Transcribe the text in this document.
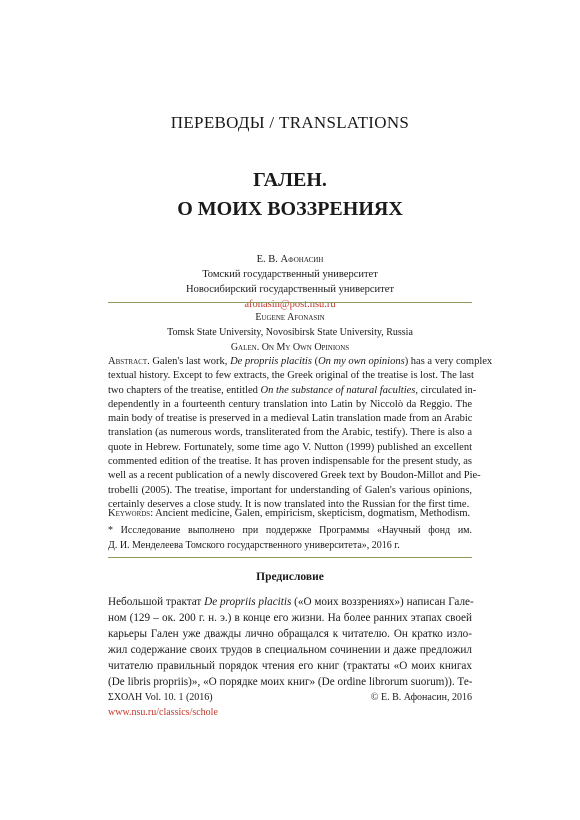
ПЕРЕВОДЫ / TRANSLATIONS
ГАЛЕН.
О МОИХ ВОЗЗРЕНИЯХ
Е. В. Афонасин
Томский государственный университет
Новосибирский государственный университет
afonasin@post.nsu.ru
Eugene Afonasin
Tomsk State University, Novosibirsk State University, Russia
Galen. On My Own Opinions
Abstract. Galen's last work, De propriis placitis (On my own opinions) has a very complex
textual history. Except to few extracts, the Greek original of the treatise is lost. The last
two chapters of the treatise, entitled On the substance of natural faculties, circulated in-
dependently in a fourteenth century translation into Latin by Niccolò da Reggio. The
main body of treatise is preserved in a medieval Latin translation made from an Arabic
translation (as numerous words, transliterated from the Arabic, testify). There is also a
quote in Hebrew. Fortunately, some time ago V. Nutton (1999) published an excellent
commented edition of the treatise. It has proven indispensable for the present study, as
well as a recent publication of a newly discovered Greek text by Boudon-Millot and Pie-
trobelli (2005). The treatise, important for understanding of Galen's various opinions,
certainly deserves a close study. It is now translated into the Russian for the first time.
Keywords: Ancient medicine, Galen, empiricism, skepticism, dogmatism, Methodism.
* Исследование выполнено при поддержке Программы «Научный фонд им.
Д. И. Менделеева Томского государственного университета», 2016 г.
Предисловие
Небольшой трактат De propriis placitis («О моих воззрениях») написан Гале-
ном (129 – ок. 200 г. н. э.) в конце его жизни. На более ранних этапах своей
карьеры Гален уже дважды лично обращался к читателю. Он кратко изло-
жил содержание своих трудов в специальном сочинении и даже предложил
читателю правильный порядок чтения его книг (трактаты «О моих книгах
(De libris propriis)», «О порядке моих книг» (De ordine librorum suorum)). Те-
ΣΧΟΛΗ Vol. 10. 1 (2016)
www.nsu.ru/classics/schole
© Е. В. Афонасин, 2016
